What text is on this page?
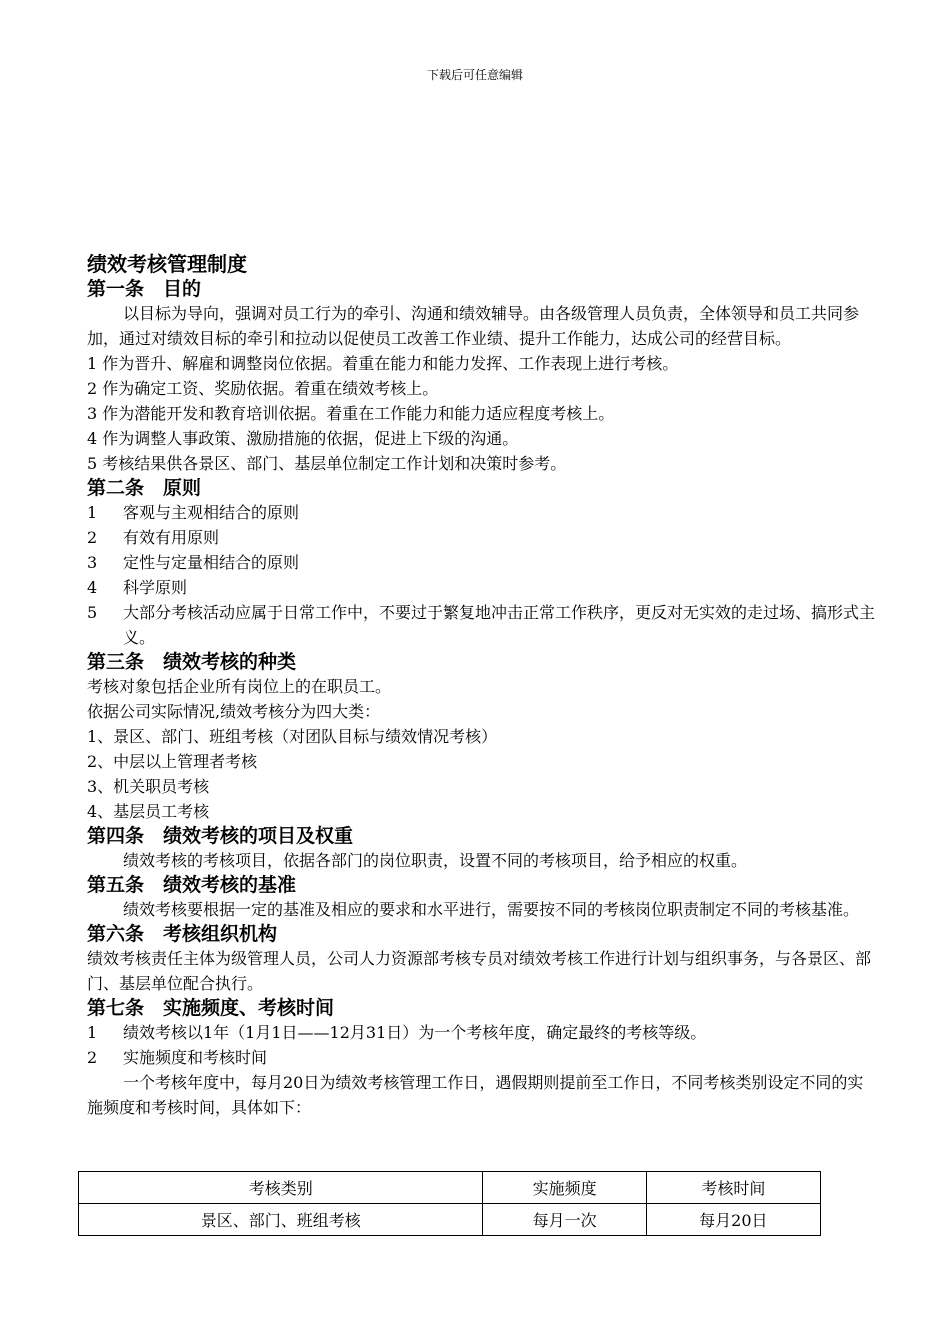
下载后可任意编辑
绩效考核管理制度
第一条　目的

以目标为导向，强调对员工行为的牵引、沟通和绩效辅导。由各级管理人员负责，全体领导和员工共同参加，通过对绩效目标的牵引和拉动以促使员工改善工作业绩、提升工作能力，达成公司的经营目标。

1 作为晋升、解雇和调整岗位依据。着重在能力和能力发挥、工作表现上进行考核。

2 作为确定工资、奖励依据。着重在绩效考核上。

3 作为潜能开发和教育培训依据。着重在工作能力和能力适应程度考核上。

4 作为调整人事政策、激励措施的依据，促进上下级的沟通。

5 考核结果供各景区、部门、基层单位制定工作计划和决策时参考。

第二条　原则
1	客观与主观相结合的原则
2	有效有用原则
3	定性与定量相结合的原则
4	科学原则
5	大部分考核活动应属于日常工作中，不要过于繁复地冲击正常工作秩序，更反对无实效的走过场、搞形式主义。
第三条　绩效考核的种类

考核对象包括企业所有岗位上的在职员工。

依据公司实际情况,绩效考核分为四大类：

1、景区、部门、班组考核（对团队目标与绩效情况考核）

2、中层以上管理者考核

3、机关职员考核

4、基层员工考核

第四条　绩效考核的项目及权重

绩效考核的考核项目，依据各部门的岗位职责，设置不同的考核项目，给予相应的权重。

第五条　绩效考核的基准

绩效考核要根据一定的基准及相应的要求和水平进行，需要按不同的考核岗位职责制定不同的考核基准。

第六条　考核组织机构

绩效考核责任主体为级管理人员，公司人力资源部考核专员对绩效考核工作进行计划与组织事务，与各景区、部门、基层单位配合执行。

第七条　实施频度、考核时间
1	绩效考核以1年（1月1日——12月31日）为一个考核年度，确定最终的考核等级。
2	实施频度和考核时间

一个考核年度中，每月20日为绩效考核管理工作日，遇假期则提前至工作日，不同考核类别设定不同的实施频度和考核时间，具体如下：

考核类别	实施频度	考核时间
景区、部门、班组考核	每月一次	每月20日
